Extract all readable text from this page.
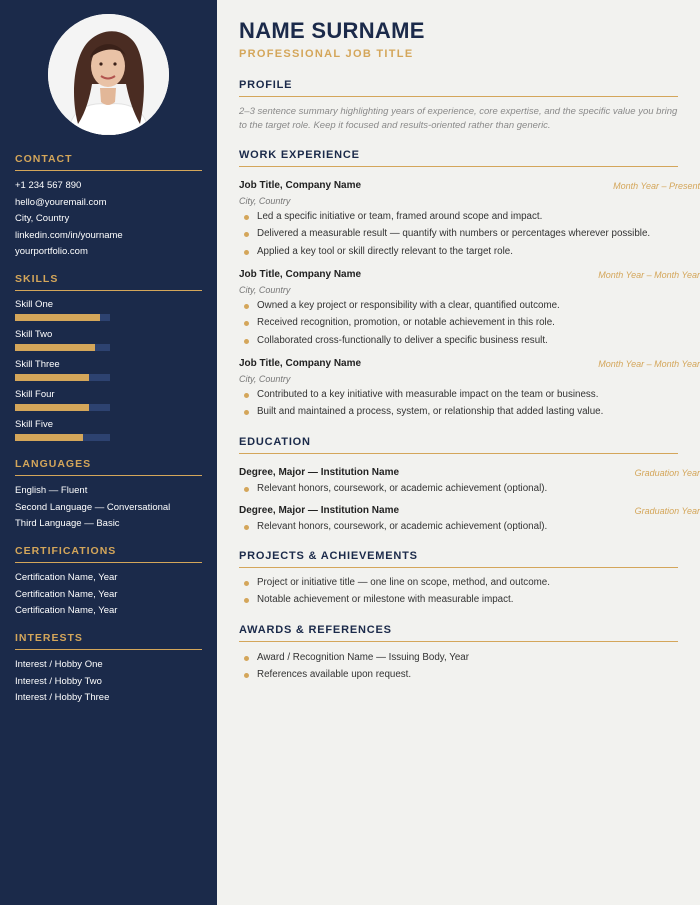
CONTACT
+1 234 567 890
hello@youremail.com
City, Country
linkedin.com/in/yourname
yourportfolio.com
SKILLS
Skill One
Skill Two
Skill Three
Skill Four
Skill Five
LANGUAGES
English — Fluent
Second Language — Conversational
Third Language — Basic
CERTIFICATIONS
Certification Name, Year
Certification Name, Year
Certification Name, Year
INTERESTS
Interest / Hobby One
Interest / Hobby Two
Interest / Hobby Three
NAME SURNAME
PROFESSIONAL JOB TITLE
PROFILE

2–3 sentence summary highlighting years of experience, core expertise, and the specific value you bring to the target role. Keep it focused and results-oriented rather than generic.

WORK EXPERIENCE
Job Title, Company Name	Month Year – Present
City, Country
Led a specific initiative or team, framed around scope and impact.
Delivered a measurable result — quantify with numbers or percentages wherever possible.
Applied a key tool or skill directly relevant to the target role.
Job Title, Company Name	Month Year – Month Year
City, Country
Owned a key project or responsibility with a clear, quantified outcome.
Received recognition, promotion, or notable achievement in this role.
Collaborated cross-functionally to deliver a specific business result.
Job Title, Company Name	Month Year – Month Year
City, Country
Contributed to a key initiative with measurable impact on the team or business.
Built and maintained a process, system, or relationship that added lasting value.
EDUCATION
Degree, Major — Institution Name	Graduation Year
Relevant honors, coursework, or academic achievement (optional).
Degree, Major — Institution Name	Graduation Year
Relevant honors, coursework, or academic achievement (optional).
PROJECTS & ACHIEVEMENTS
Project or initiative title — one line on scope, method, and outcome.
Notable achievement or milestone with measurable impact.
AWARDS & REFERENCES
Award / Recognition Name — Issuing Body, Year
References available upon request.
